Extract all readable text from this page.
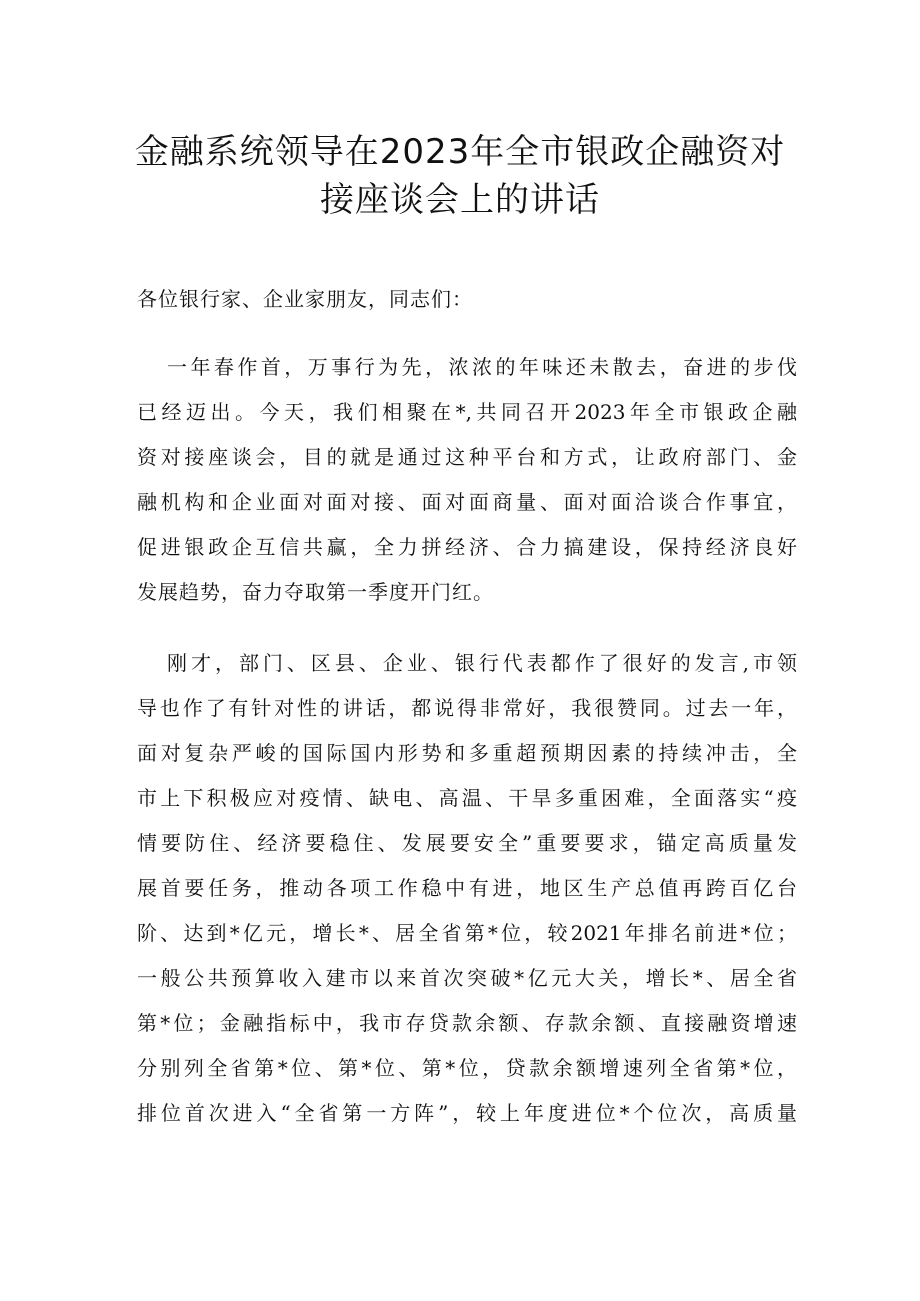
金融系统领导在2023年全市银政企融资对
接座谈会上的讲话

各位银行家、企业家朋友，同志们：

一年春作首，万事行为先，浓浓的年味还未散去，奋进的步伐
已经迈出。今天，我们相聚在*,共同召开2023年全市银政企融
资对接座谈会，目的就是通过这种平台和方式，让政府部门、金
融机构和企业面对面对接、面对面商量、面对面洽谈合作事宜，
促进银政企互信共赢，全力拼经济、合力搞建设，保持经济良好
发展趋势，奋力夺取第一季度开门红。
刚才，部门、区县、企业、银行代表都作了很好的发言,市领
导也作了有针对性的讲话，都说得非常好，我很赞同。过去一年，
面对复杂严峻的国际国内形势和多重超预期因素的持续冲击，全
市上下积极应对疫情、缺电、高温、干旱多重困难，全面落实“疫
情要防住、经济要稳住、发展要安全”重要要求，锚定高质量发
展首要任务，推动各项工作稳中有进，地区生产总值再跨百亿台
阶、达到*亿元，增长*、居全省第*位，较2021年排名前进*位；
一般公共预算收入建市以来首次突破*亿元大关，增长*、居全省
第*位；金融指标中，我市存贷款余额、存款余额、直接融资增速
分别列全省第*位、第*位、第*位，贷款余额增速列全省第*位，
排位首次进入“全省第一方阵”，较上年度进位*个位次，高质量
